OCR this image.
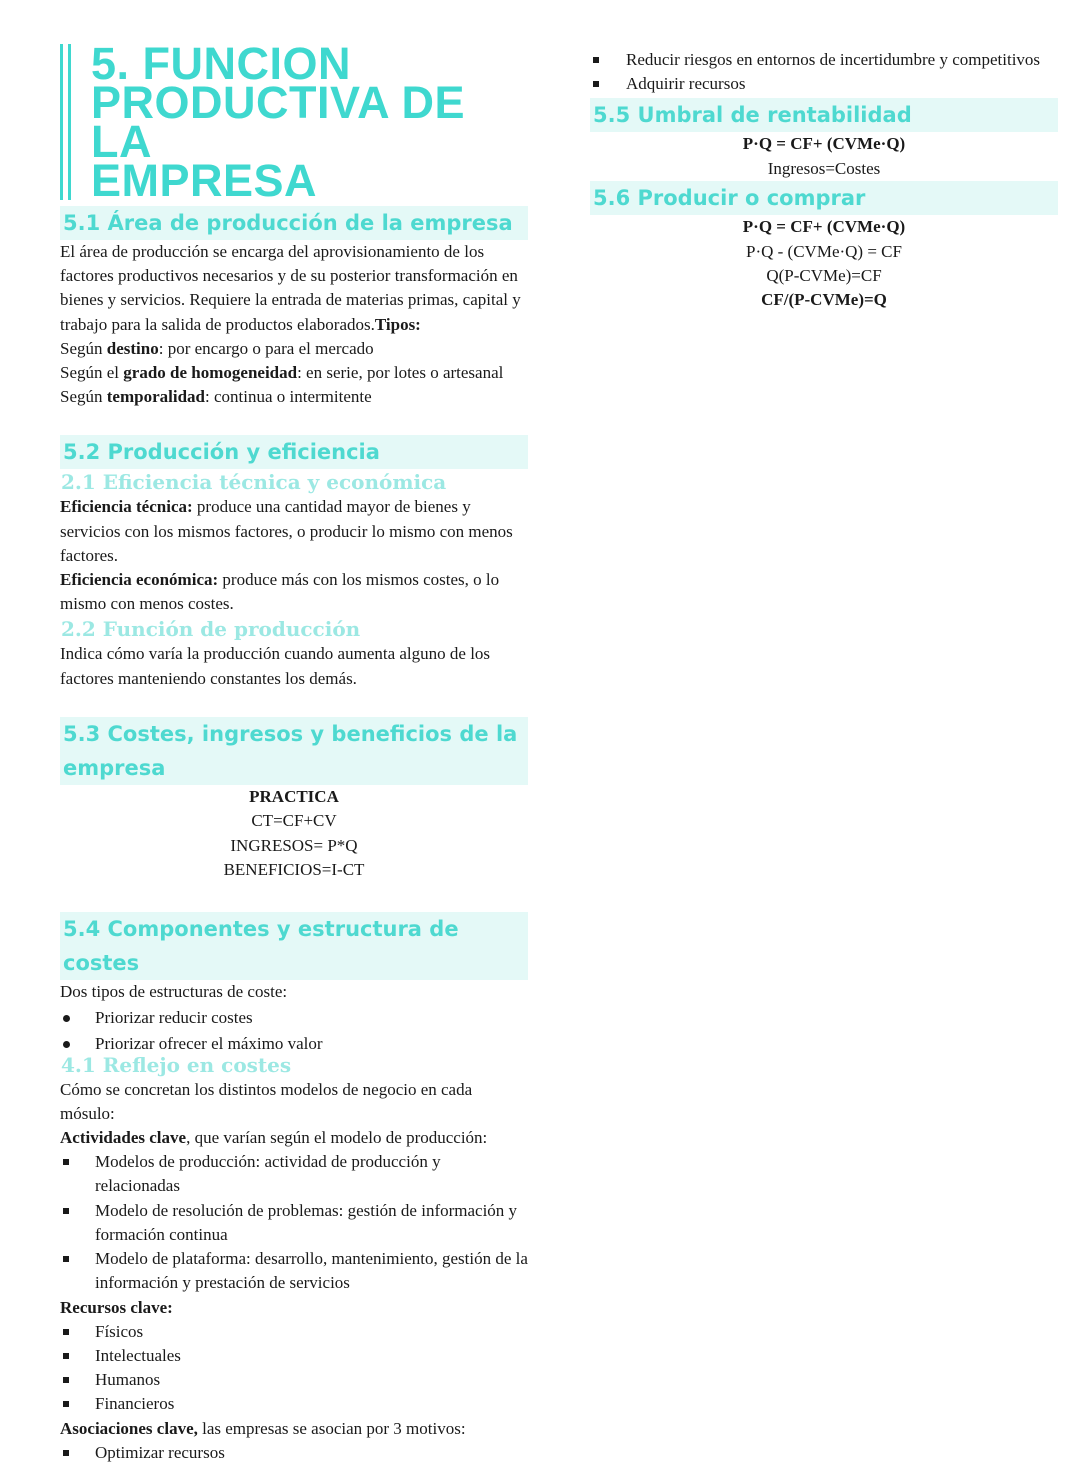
5. FUNCION
PRODUCTIVA DE LA
EMPRESA
5.1 Área de producción de la empresa

El área de producción se encarga del aprovisionamiento de los factores productivos necesarios y de su posterior transformación en bienes y servicios. Requiere la entrada de materias primas, capital y trabajo para la salida de productos elaborados.Tipos:

Según destino: por encargo o para el mercado

Según el grado de homogeneidad: en serie, por lotes o artesanal

Según temporalidad: continua o intermitente

5.2 Producción y eficiencia
2.1 Eficiencia técnica y económica

Eficiencia técnica: produce una cantidad mayor de bienes y servicios con los mismos factores, o producir lo mismo con menos factores.

Eficiencia económica: produce más con los mismos costes, o lo mismo con menos costes.

2.2 Función de producción

Indica cómo varía la producción cuando aumenta alguno de los factores manteniendo constantes los demás.

5.3 Costes, ingresos y beneficios de la empresa
PRACTICA
CT=CF+CV
INGRESOS= P*Q
BENEFICIOS=I-CT
5.4 Componentes y estructura de costes

Dos tipos de estructuras de coste:

Priorizar reducir costes
Priorizar ofrecer el máximo valor
4.1 Reflejo en costes

Cómo se concretan los distintos modelos de negocio en cada mósulo:

Actividades clave, que varían según el modelo de producción:

Modelos de producción: actividad de producción y relacionadas
Modelo de resolución de problemas: gestión de información y formación continua
Modelo de plataforma: desarrollo, mantenimiento, gestión de la información y prestación de servicios

Recursos clave:

Físicos
Intelectuales
Humanos
Financieros

Asociaciones clave, las empresas se asocian por 3 motivos:

Optimizar recursos
Reducir riesgos en entornos de incertidumbre y competitivos
Adquirir recursos
5.5 Umbral de rentabilidad
P·Q = CF+ (CVMe·Q)
Ingresos=Costes
5.6 Producir o comprar
P·Q = CF+ (CVMe·Q)
P·Q - (CVMe·Q) = CF
Q(P-CVMe)=CF
CF/(P-CVMe)=Q
